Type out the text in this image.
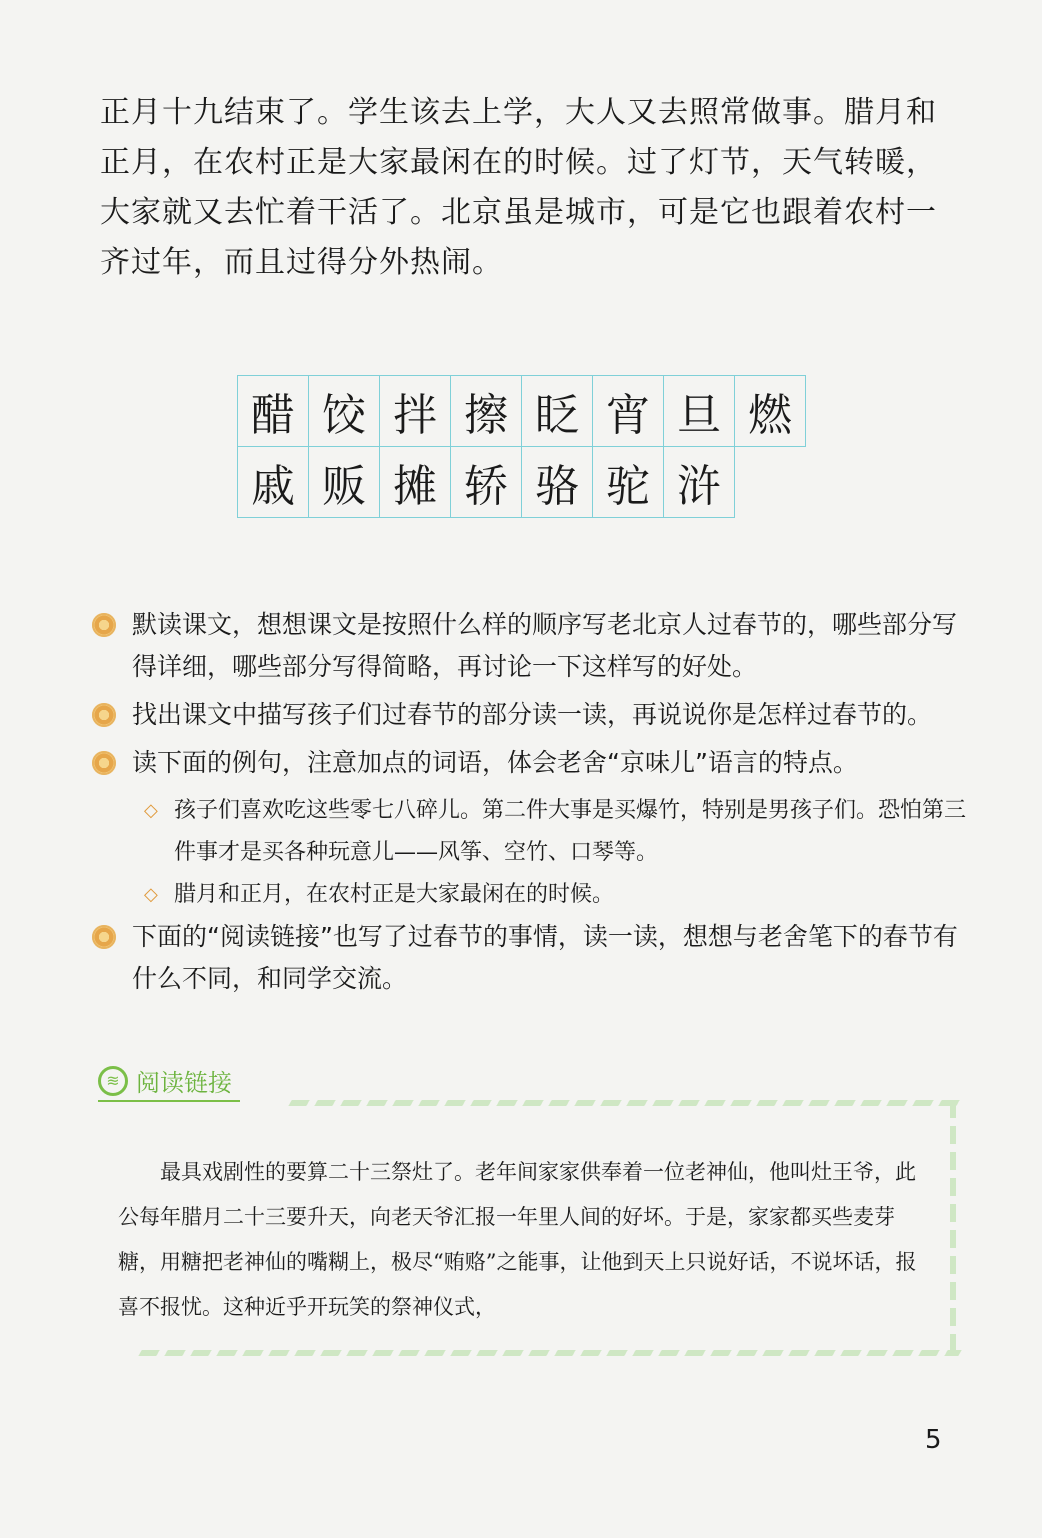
正月十九结束了。学生该去上学，大人又去照常做事。腊月和正月，在农村正是大家最闲在的时候。过了灯节，天气转暖，大家就又去忙着干活了。北京虽是城市，可是它也跟着农村一齐过年，而且过得分外热闹。

醋 饺 拌 擦 眨 宵 旦 燃
戚 贩 摊 轿 骆 驼 浒
默读课文，想想课文是按照什么样的顺序写老北京人过春节的，哪些部分写得详细，哪些部分写得简略，再讨论一下这样写的好处。
找出课文中描写孩子们过春节的部分读一读，再说说你是怎样过春节的。
读下面的例句，注意加点的词语，体会老舍“京味儿”语言的特点。
◇ 孩子们喜欢吃这些零七八碎儿。第二件大事是买爆竹，特别是男孩子们。恐怕第三件事才是买各种玩意儿——风筝、空竹、口琴等。
◇ 腊月和正月，在农村正是大家最闲在的时候。
下面的“阅读链接”也写了过春节的事情，读一读，想想与老舍笔下的春节有什么不同，和同学交流。
≋ 阅读链接

最具戏剧性的要算二十三祭灶了。老年间家家供奉着一位老神仙，他叫灶王爷，此公每年腊月二十三要升天，向老天爷汇报一年里人间的好坏。于是，家家都买些麦芽糖，用糖把老神仙的嘴糊上，极尽“贿赂”之能事，让他到天上只说好话，不说坏话，报喜不报忧。这种近乎开玩笑的祭神仪式，

5
